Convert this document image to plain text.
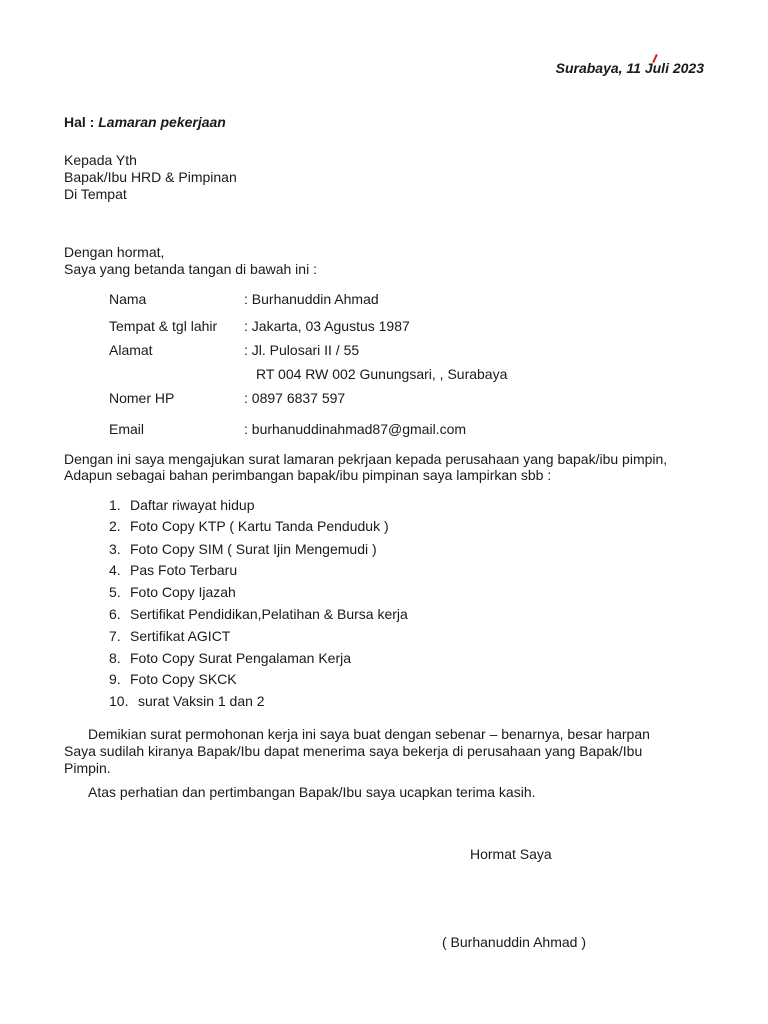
Surabaya, 11 Juli 2023
Hal : Lamaran pekerjaan
Kepada Yth
Bapak/Ibu HRD & Pimpinan
Di Tempat
Dengan hormat,
Saya yang betanda tangan di bawah ini :
Nama	: Burhanuddin Ahmad
Tempat & tgl lahir : Jakarta, 03 Agustus 1987
Alamat	: Jl. Pulosari II / 55
RT 004 RW 002 Gunungsari, , Surabaya
Nomer HP	: 0897 6837 597
Email	: burhanuddinahmad87@gmail.com
Dengan ini saya mengajukan surat lamaran pekrjaan kepada perusahaan yang bapak/ibu pimpin,
Adapun sebagai bahan perimbangan bapak/ibu pimpinan saya lampirkan sbb :
1. Daftar riwayat hidup
2. Foto Copy KTP ( Kartu Tanda Penduduk )
3. Foto Copy SIM ( Surat Ijin Mengemudi )
4. Pas Foto Terbaru
5. Foto Copy Ijazah
6. Sertifikat Pendidikan,Pelatihan & Bursa kerja
7. Sertifikat AGICT
8. Foto Copy Surat Pengalaman Kerja
9. Foto Copy SKCK
10. surat Vaksin 1 dan 2
Demikian surat permohonan kerja ini saya buat dengan sebenar – benarnya, besar harpan
Saya sudilah kiranya Bapak/Ibu dapat menerima saya bekerja di perusahaan yang Bapak/Ibu
Pimpin.
Atas perhatian dan pertimbangan Bapak/Ibu saya ucapkan terima kasih.
Hormat Saya
( Burhanuddin Ahmad )
